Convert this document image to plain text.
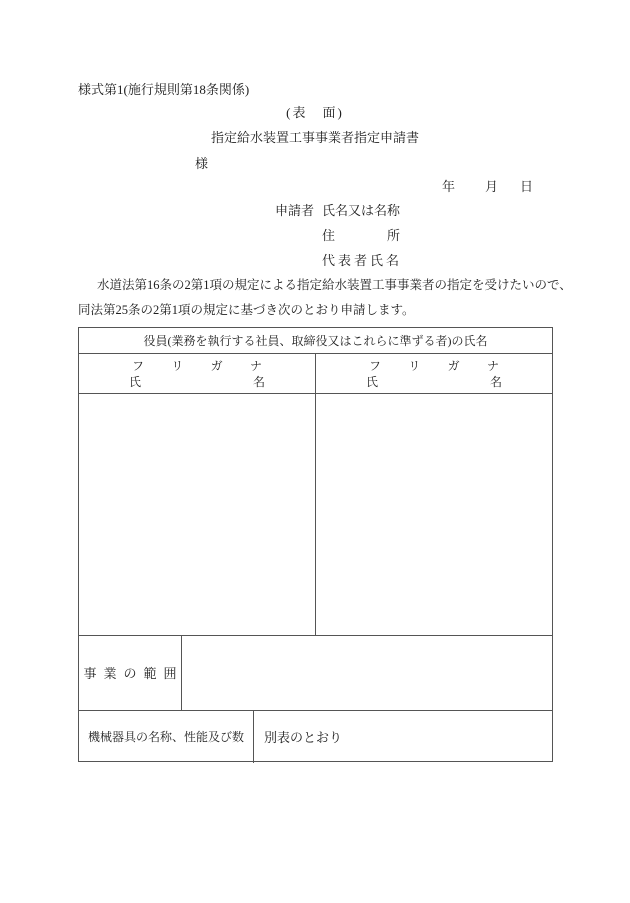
様式第1(施行規則第18条関係)
(表　面)
指定給水装置工事事業者指定申請書
様
年 月 日
申請者 氏名又は名称
住	所
代表者氏名
水道法第16条の2第1項の規定による指定給水装置工事事業者の指定を受けたいので、
同法第25条の2第1項の規定に基づき次のとおり申請します。
役員(業務を執行する社員、取締役又はこれらに準ずる者)の氏名
フ リ ガ ナ
氏	名
フ リ ガ ナ
氏	名
事業の範囲
機械器具の名称、性能及び数 別表のとおり
